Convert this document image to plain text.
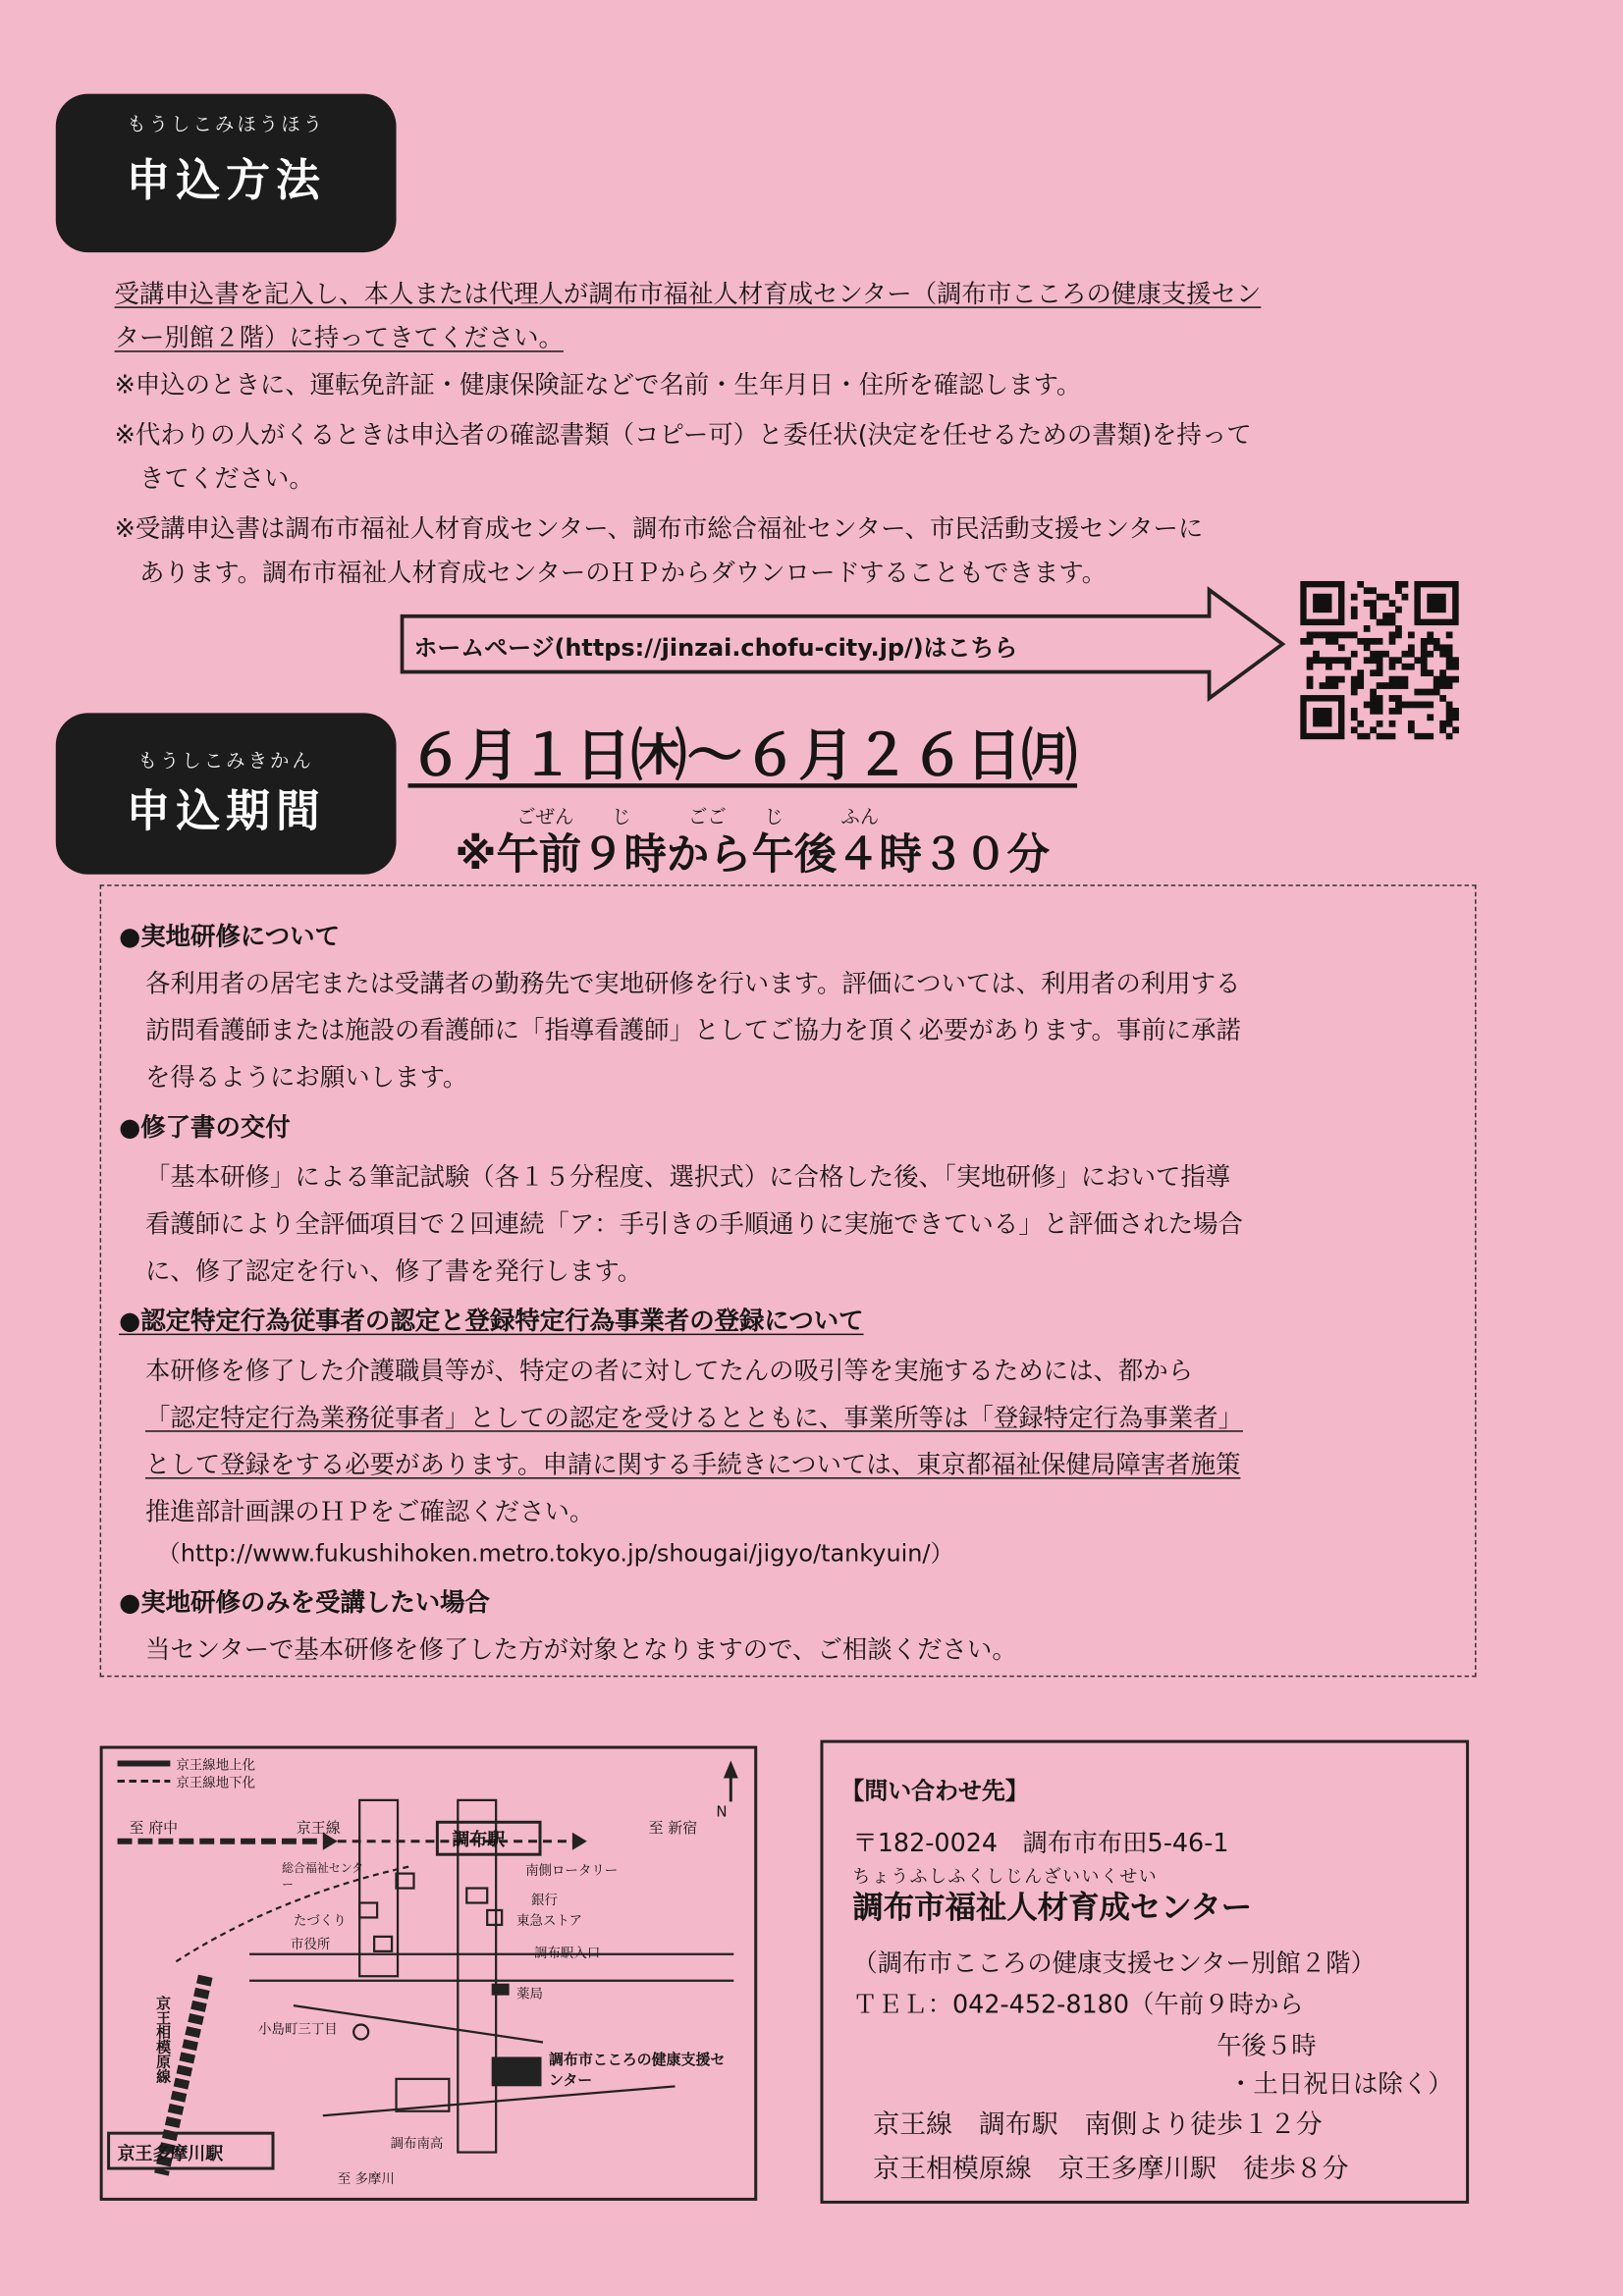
もうしこみほうほう
申込方法
受講申込書を記入し、本人または代理人が調布市福祉人材育成センター（調布市こころの健康支援セン
ター別館２階）に持ってきてください。
※申込のときに、運転免許証・健康保険証などで名前・生年月日・住所を確認します。
※代わりの人がくるときは申込者の確認書類（コピー可）と委任状(決定を任せるための書類)を持って
　きてください。
※受講申込書は調布市福祉人材育成センター、調布市総合福祉センター、市民活動支援センターに
　あります。調布市福祉人材育成センターのＨＰからダウンロードすることもできます。
ホームページ(https://jinzai.chofu-city.jp/)はこちら
もうしこみきかん
申込期間
６月１日㈭～６月２６日㈪
ごぜん　　じ　　　ごご　　じ　　　ふん
※午前９時から午後４時３０分
●実地研修について
各利用者の居宅または受講者の勤務先で実地研修を行います。評価については、利用者の利用する
訪問看護師または施設の看護師に「指導看護師」としてご協力を頂く必要があります。事前に承諾
を得るようにお願いします。
●修了書の交付
「基本研修」による筆記試験（各１５分程度、選択式）に合格した後、「実地研修」において指導
看護師により全評価項目で２回連続「ア：手引きの手順通りに実施できている」と評価された場合
に、修了認定を行い、修了書を発行します。
●認定特定行為従事者の認定と登録特定行為事業者の登録について
本研修を修了した介護職員等が、特定の者に対してたんの吸引等を実施するためには、都から
「認定特定行為業務従事者」としての認定を受けるとともに、事業所等は「登録特定行為事業者」
として登録をする必要があります。申請に関する手続きについては、東京都福祉保健局障害者施策
推進部計画課のＨＰをご確認ください。
（http://www.fukushihoken.metro.tokyo.jp/shougai/jigyo/tankyuin/）
●実地研修のみを受講したい場合
当センターで基本研修を修了した方が対象となりますので、ご相談ください。
京王線地上化
京王線地下化
N
至 府中	京王線
調布駅
至 新宿
南側ロータリー
総合福祉センター
たづくり
銀行
東急ストア
市役所
調布駅入口
薬局
小島町三丁目
調布市こころの健康支援センター
京王相模原線
調布南高
京王多摩川駅
至 多摩川
【問い合わせ先】
〒182-0024　調布市布田5-46-1
ちょうふしふくしじんざいいくせい
調布市福祉人材育成センター
（調布市こころの健康支援センター別館２階）
ＴＥＬ：042-452-8180（午前９時から
午後５時
・土日祝日は除く）
京王線　調布駅　南側より徒歩１２分
京王相模原線　京王多摩川駅　徒歩８分
